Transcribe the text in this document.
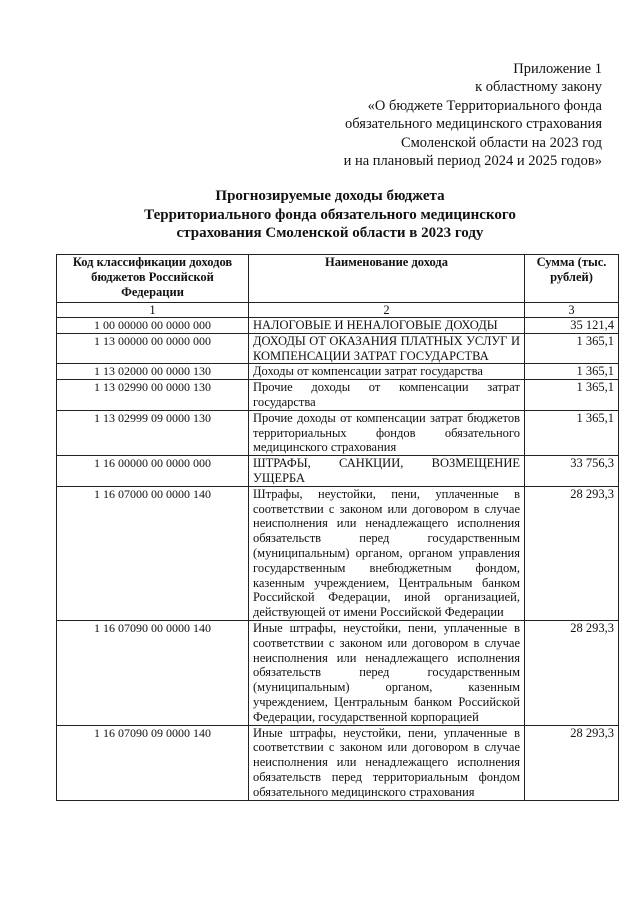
Приложение 1
к областному закону
«О бюджете Территориального фонда
обязательного медицинского страхования
Смоленской области на 2023 год
и на плановый период 2024 и 2025 годов»
Прогнозируемые доходы бюджета
Территориального фонда обязательного медицинского
страхования Смоленской области в 2023 году
Код классификации доходов бюджетов Российской Федерации	Наименование дохода	Сумма (тыс. рублей)
1	2	3
1 00 00000 00 0000 000	НАЛОГОВЫЕ И НЕНАЛОГОВЫЕ ДОХОДЫ	35 121,4
1 13 00000 00 0000 000	ДОХОДЫ ОТ ОКАЗАНИЯ ПЛАТНЫХ УСЛУГ И КОМПЕНСАЦИИ ЗАТРАТ ГОСУДАРСТВА	1 365,1
1 13 02000 00 0000 130	Доходы от компенсации затрат государства	1 365,1
1 13 02990 00 0000 130	Прочие доходы от компенсации затрат государства	1 365,1
1 13 02999 09 0000 130	Прочие доходы от компенсации затрат бюджетов территориальных фондов обязательного медицинского страхования	1 365,1
1 16 00000 00 0000 000	ШТРАФЫ, САНКЦИИ, ВОЗМЕЩЕНИЕ УЩЕРБА	33 756,3
1 16 07000 00 0000 140	Штрафы, неустойки, пени, уплаченные в соответствии с законом или договором в случае неисполнения или ненадлежащего исполнения обязательств перед государственным (муниципальным) органом, органом управления государственным внебюджетным фондом, казенным учреждением, Центральным банком Российской Федерации, иной организацией, действующей от имени Российской Федерации	28 293,3
1 16 07090 00 0000 140	Иные штрафы, неустойки, пени, уплаченные в соответствии с законом или договором в случае неисполнения или ненадлежащего исполнения обязательств перед государственным (муниципальным) органом, казенным учреждением, Центральным банком Российской Федерации, государственной корпорацией	28 293,3
1 16 07090 09 0000 140	Иные штрафы, неустойки, пени, уплаченные в соответствии с законом или договором в случае неисполнения или ненадлежащего исполнения обязательств перед территориальным фондом обязательного медицинского страхования	28 293,3
